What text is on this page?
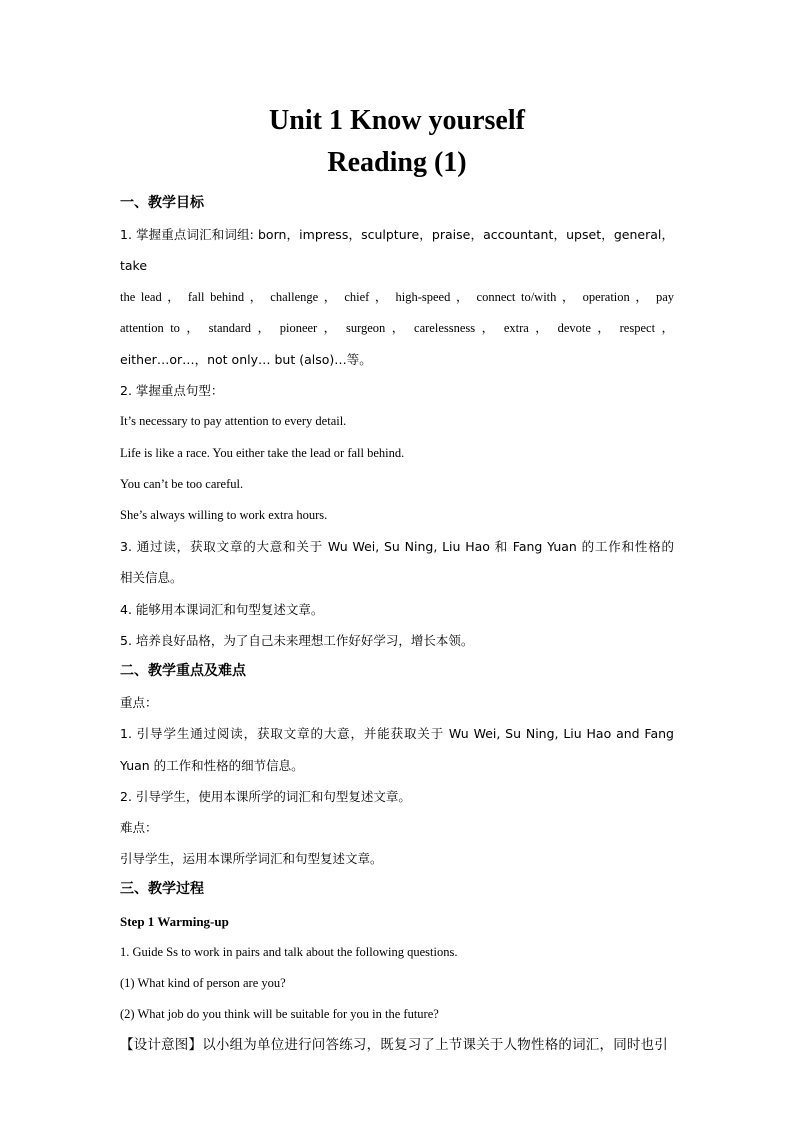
Unit 1 Know yourself
Reading (1)

一、教学目标

1. 掌握重点词汇和词组: born，impress，sculpture，praise，accountant，upset，general，take

the lead ， fall behind ， challenge ， chief ， high-speed ， connect to/with ， operation ， pay

attention to ， standard ， pioneer ， surgeon ， carelessness ， extra ， devote ， respect ，

either…or…，not only… but (also)…等。

2. 掌握重点句型：

It’s necessary to pay attention to every detail.

Life is like a race. You either take the lead or fall behind.

You can’t be too careful.

She’s always willing to work extra hours.

3. 通过读，获取文章的大意和关于 Wu Wei, Su Ning, Liu Hao 和 Fang Yuan 的工作和性格的

相关信息。

4. 能够用本课词汇和句型复述文章。

5. 培养良好品格，为了自己未来理想工作好好学习，增长本领。

二、教学重点及难点

重点：

1. 引导学生通过阅读，获取文章的大意，并能获取关于 Wu Wei, Su Ning, Liu Hao and Fang

Yuan 的工作和性格的细节信息。

2. 引导学生，使用本课所学的词汇和句型复述文章。

难点：

引导学生，运用本课所学词汇和句型复述文章。

三、教学过程

Step 1 Warming-up

1. Guide Ss to work in pairs and talk about the following questions.

(1) What kind of person are you?

(2) What job do you think will be suitable for you in the future?

【设计意图】以小组为单位进行问答练习，既复习了上节课关于人物性格的词汇，同时也引
